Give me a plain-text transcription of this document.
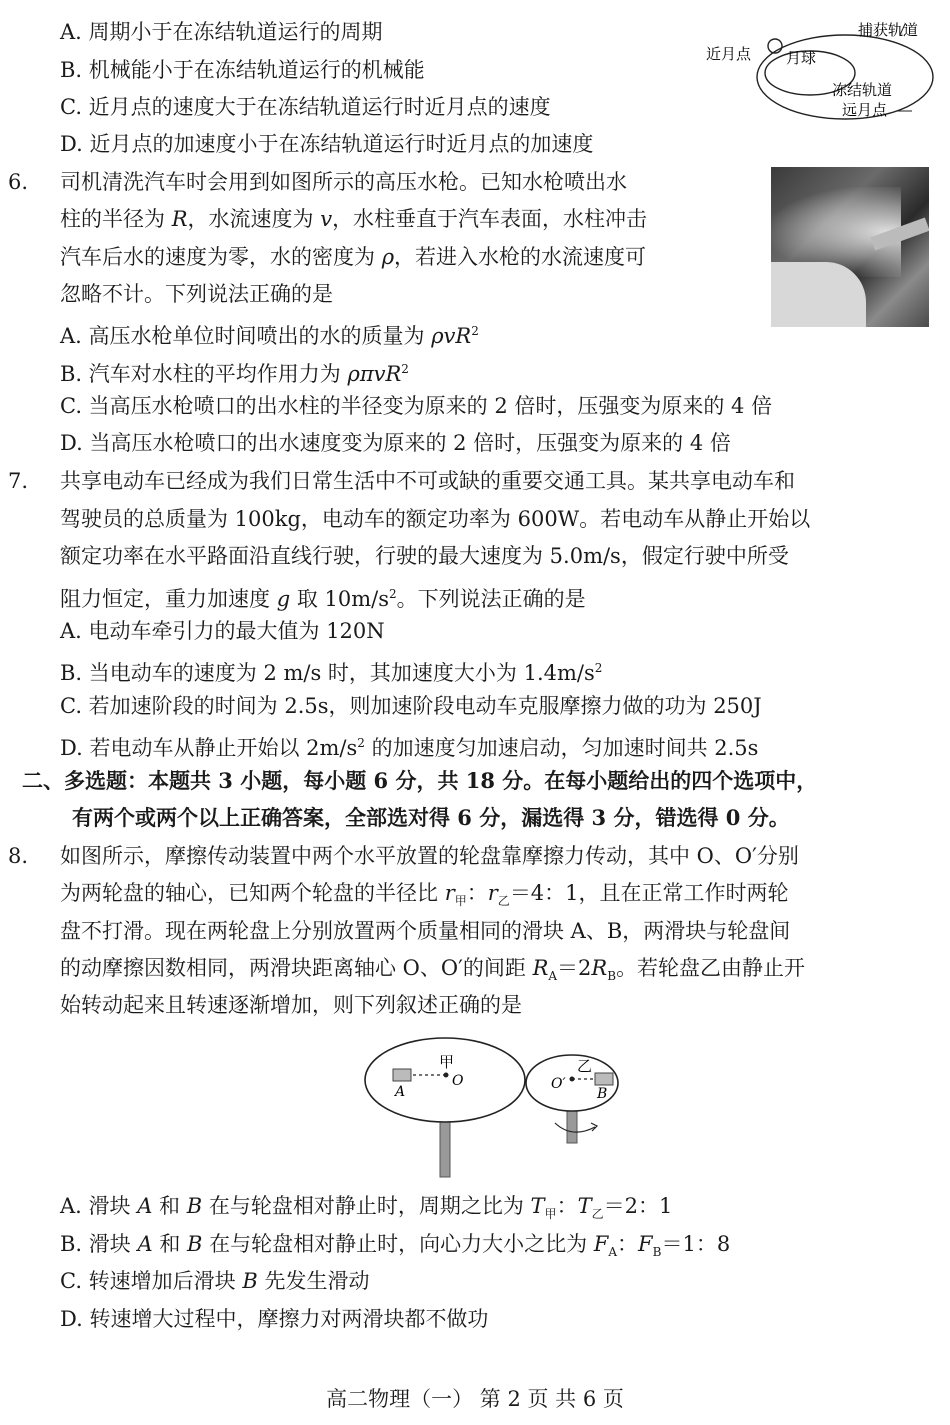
A. 周期小于在冻结轨道运行的周期
B. 机械能小于在冻结轨道运行的机械能
C. 近月点的速度大于在冻结轨道运行时近月点的速度
D. 近月点的加速度小于在冻结轨道运行时近月点的加速度
捕获轨道
近月点 月球
冻结轨道
远月点
6. 司机清洗汽车时会用到如图所示的高压水枪。已知水枪喷出水
柱的半径为 R，水流速度为 v，水柱垂直于汽车表面，水柱冲击
汽车后水的速度为零，水的密度为 ρ，若进入水枪的水流速度可
忽略不计。下列说法正确的是
A. 高压水枪单位时间喷出的水的质量为 ρvR$^2$
B. 汽车对水柱的平均作用力为 ρπvR$^2$
C. 当高压水枪喷口的出水柱的半径变为原来的 2 倍时，压强变为原来的 4 倍
D. 当高压水枪喷口的出水速度变为原来的 2 倍时，压强变为原来的 4 倍
7. 共享电动车已经成为我们日常生活中不可或缺的重要交通工具。某共享电动车和
驾驶员的总质量为 100kg，电动车的额定功率为 600W。若电动车从静止开始以
额定功率在水平路面沿直线行驶，行驶的最大速度为 5.0m/s，假定行驶中所受
阻力恒定，重力加速度 g 取 $10m/s^2$。下列说法正确的是
A. 电动车牵引力的最大值为 120N
B. 当电动车的速度为 2 m/s 时，其加速度大小为 $1.4m/s^2$
C. 若加速阶段的时间为 2.5s，则加速阶段电动车克服摩擦力做的功为 250J
D. 若电动车从静止开始以 $2m/s^2$ 的加速度匀加速启动，匀加速时间共 2.5s
二、多选题：本题共 3 小题，每小题 6 分，共 18 分。在每小题给出的四个选项中，
有两个或两个以上正确答案，全部选对得 6 分，漏选得 3 分，错选得 0 分。
8. 如图所示，摩擦传动装置中两个水平放置的轮盘靠摩擦力传动，其中 O、O′分别
为两轮盘的轴心，已知两个轮盘的半径比 $r_甲$：$r_乙=4$：1，且在正常工作时两轮
盘不打滑。现在两轮盘上分别放置两个质量相同的滑块 A、B，两滑块与轮盘间
的动摩擦因数相同，两滑块距离轴心 O、O′的间距 $R_A=2R_B$。若轮盘乙由静止开
始转动起来且转速逐渐增加，则下列叙述正确的是
甲
A
O
乙
O′
B
A. 滑块 A 和 B 在与轮盘相对静止时，周期之比为 $T_甲$：$T_乙=2$：1
B. 滑块 A 和 B 在与轮盘相对静止时，向心力大小之比为 $F_A$：$F_B=1$：8
C. 转速增加后滑块 B 先发生滑动
D. 转速增大过程中，摩擦力对两滑块都不做功
高二物理（一） 第 2 页 共 6 页
